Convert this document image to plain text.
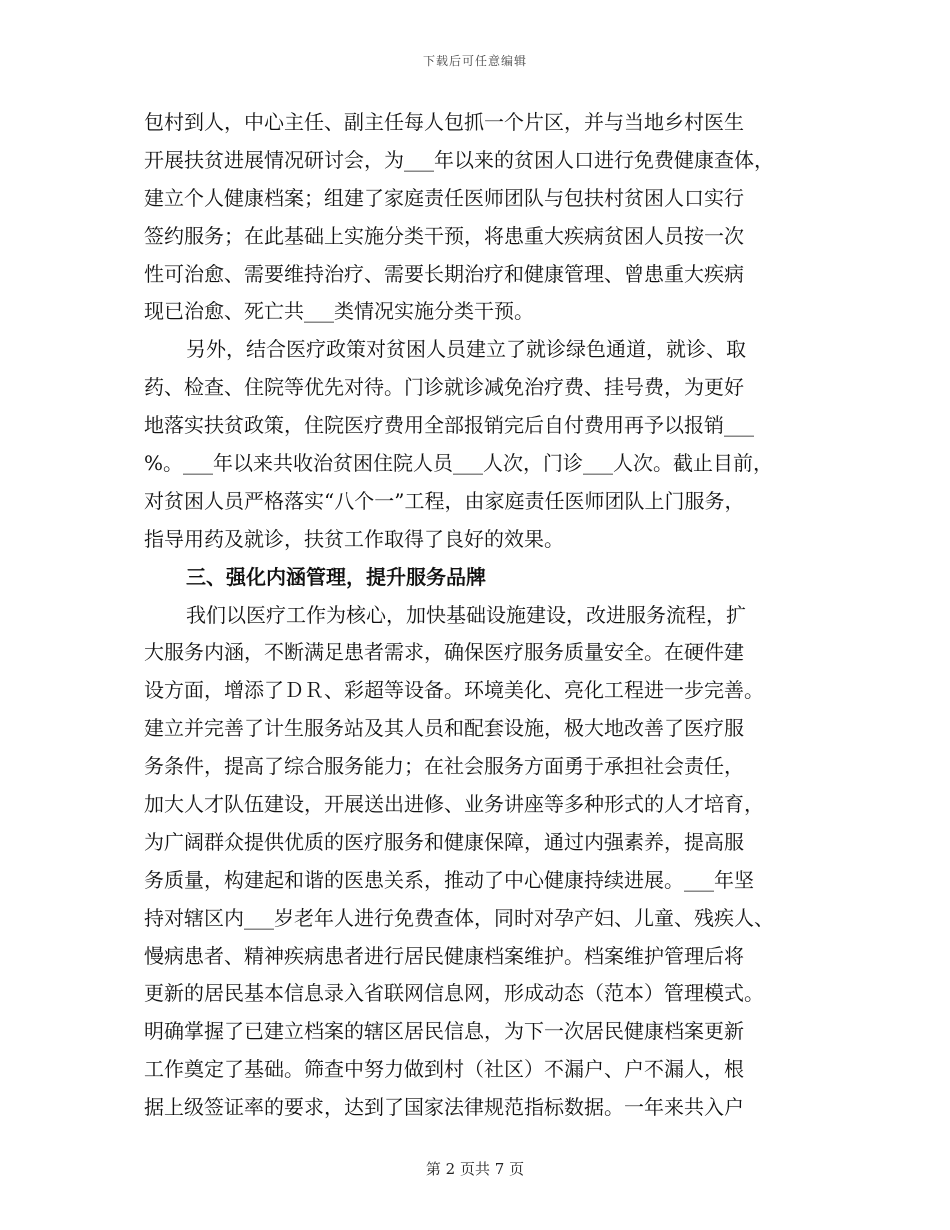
下载后可任意编辑
包村到人，中心主任、副主任每人包抓一个片区，并与当地乡村医生
开展扶贫进展情况研讨会，为___年以来的贫困人口进行免费健康查体，
建立个人健康档案；组建了家庭责任医师团队与包扶村贫困人口实行
签约服务；在此基础上实施分类干预，将患重大疾病贫困人员按一次
性可治愈、需要维持治疗、需要长期治疗和健康管理、曾患重大疾病
现已治愈、死亡共___类情况实施分类干预。
另外，结合医疗政策对贫困人员建立了就诊绿色通道，就诊、取
药、检查、住院等优先对待。门诊就诊减免治疗费、挂号费，为更好
地落实扶贫政策，住院医疗费用全部报销完后自付费用再予以报销___
%。___年以来共收治贫困住院人员___人次，门诊___人次。截止目前，
对贫困人员严格落实“八个一”工程，由家庭责任医师团队上门服务，
指导用药及就诊，扶贫工作取得了良好的效果。
三、强化内涵管理，提升服务品牌
我们以医疗工作为核心，加快基础设施建设，改进服务流程，扩
大服务内涵，不断满足患者需求，确保医疗服务质量安全。在硬件建
设方面，增添了ＤＲ、彩超等设备。环境美化、亮化工程进一步完善。
建立并完善了计生服务站及其人员和配套设施，极大地改善了医疗服
务条件，提高了综合服务能力；在社会服务方面勇于承担社会责任，
加大人才队伍建设，开展送出进修、业务讲座等多种形式的人才培育，
为广阔群众提供优质的医疗服务和健康保障，通过内强素养，提高服
务质量，构建起和谐的医患关系，推动了中心健康持续进展。___年坚
持对辖区内___岁老年人进行免费查体，同时对孕产妇、儿童、残疾人、
慢病患者、精神疾病患者进行居民健康档案维护。档案维护管理后将
更新的居民基本信息录入省联网信息网，形成动态（范本）管理模式。
明确掌握了已建立档案的辖区居民信息，为下一次居民健康档案更新
工作奠定了基础。筛查中努力做到村（社区）不漏户、户不漏人，根
据上级签证率的要求，达到了国家法律规范指标数据。一年来共入户
第 2 页共 7 页
